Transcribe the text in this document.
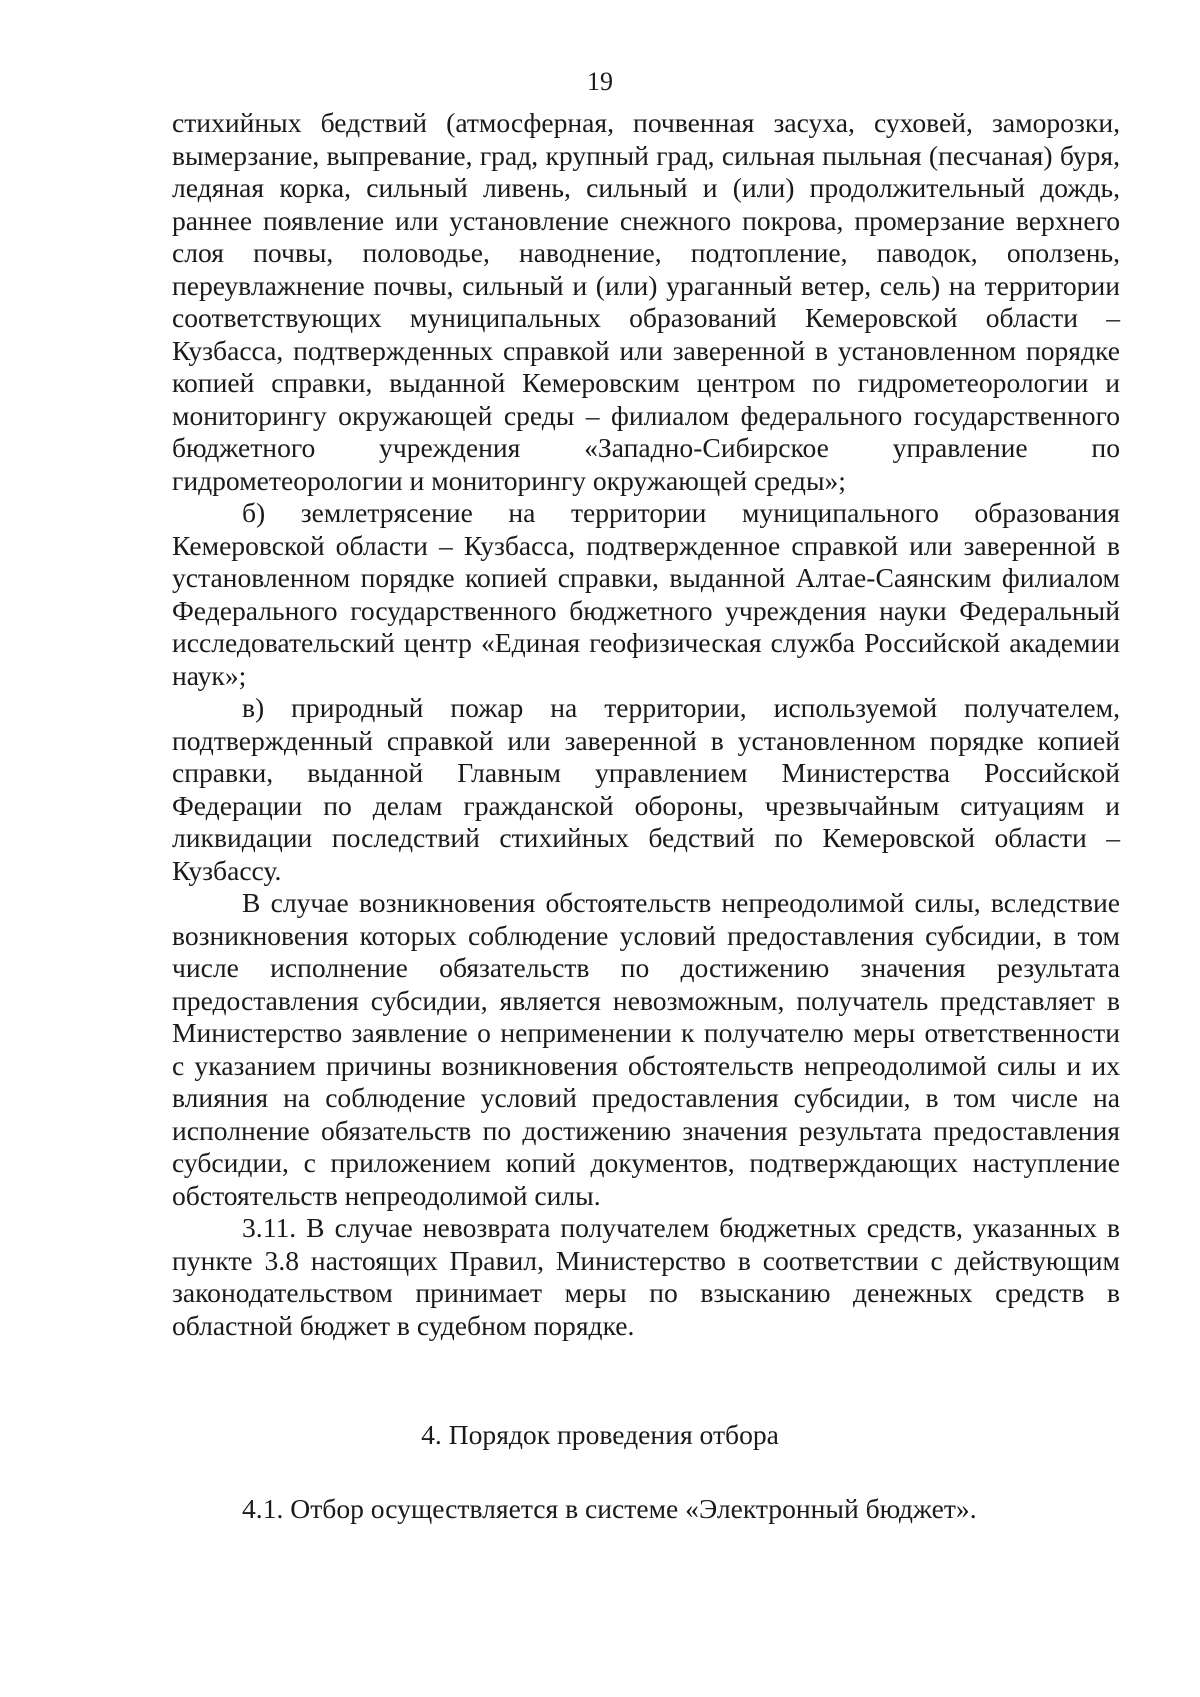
19

стихийных бедствий (атмосферная, почвенная засуха, суховей, заморозки, вымерзание, выпревание, град, крупный град, сильная пыльная (песчаная) буря, ледяная корка, сильный ливень, сильный и (или) продолжительный дождь, раннее появление или установление снежного покрова, промерзание верхнего слоя почвы, половодье, наводнение, подтопление, паводок, оползень, переувлажнение почвы, сильный и (или) ураганный ветер, сель) на территории соответствующих муниципальных образований Кемеровской области – Кузбасса, подтвержденных справкой или заверенной в установленном порядке копией справки, выданной Кемеровским центром по гидрометеорологии и мониторингу окружающей среды – филиалом федерального государственного бюджетного учреждения «Западно-Сибирское управление по гидрометеорологии и мониторингу окружающей среды»;

б) землетрясение на территории муниципального образования Кемеровской области – Кузбасса, подтвержденное справкой или заверенной в установленном порядке копией справки, выданной Алтае-Саянским филиалом Федерального государственного бюджетного учреждения науки Федеральный исследовательский центр «Единая геофизическая служба Российской академии наук»;

в) природный пожар на территории, используемой получателем, подтвержденный справкой или заверенной в установленном порядке копией справки, выданной Главным управлением Министерства Российской Федерации по делам гражданской обороны, чрезвычайным ситуациям и ликвидации последствий стихийных бедствий по Кемеровской области – Кузбассу.

В случае возникновения обстоятельств непреодолимой силы, вследствие возникновения которых соблюдение условий предоставления субсидии, в том числе исполнение обязательств по достижению значения результата предоставления субсидии, является невозможным, получатель представляет в Министерство заявление о неприменении к получателю меры ответственности с указанием причины возникновения обстоятельств непреодолимой силы и их влияния на соблюдение условий предоставления субсидии, в том числе на исполнение обязательств по достижению значения результата предоставления субсидии, с приложением копий документов, подтверждающих наступление обстоятельств непреодолимой силы.

3.11. В случае невозврата получателем бюджетных средств, указанных в пункте 3.8 настоящих Правил, Министерство в соответствии с действующим законодательством принимает меры по взысканию денежных средств в областной бюджет в судебном порядке.

4. Порядок проведения отбора
4.1. Отбор осуществляется в системе «Электронный бюджет».
